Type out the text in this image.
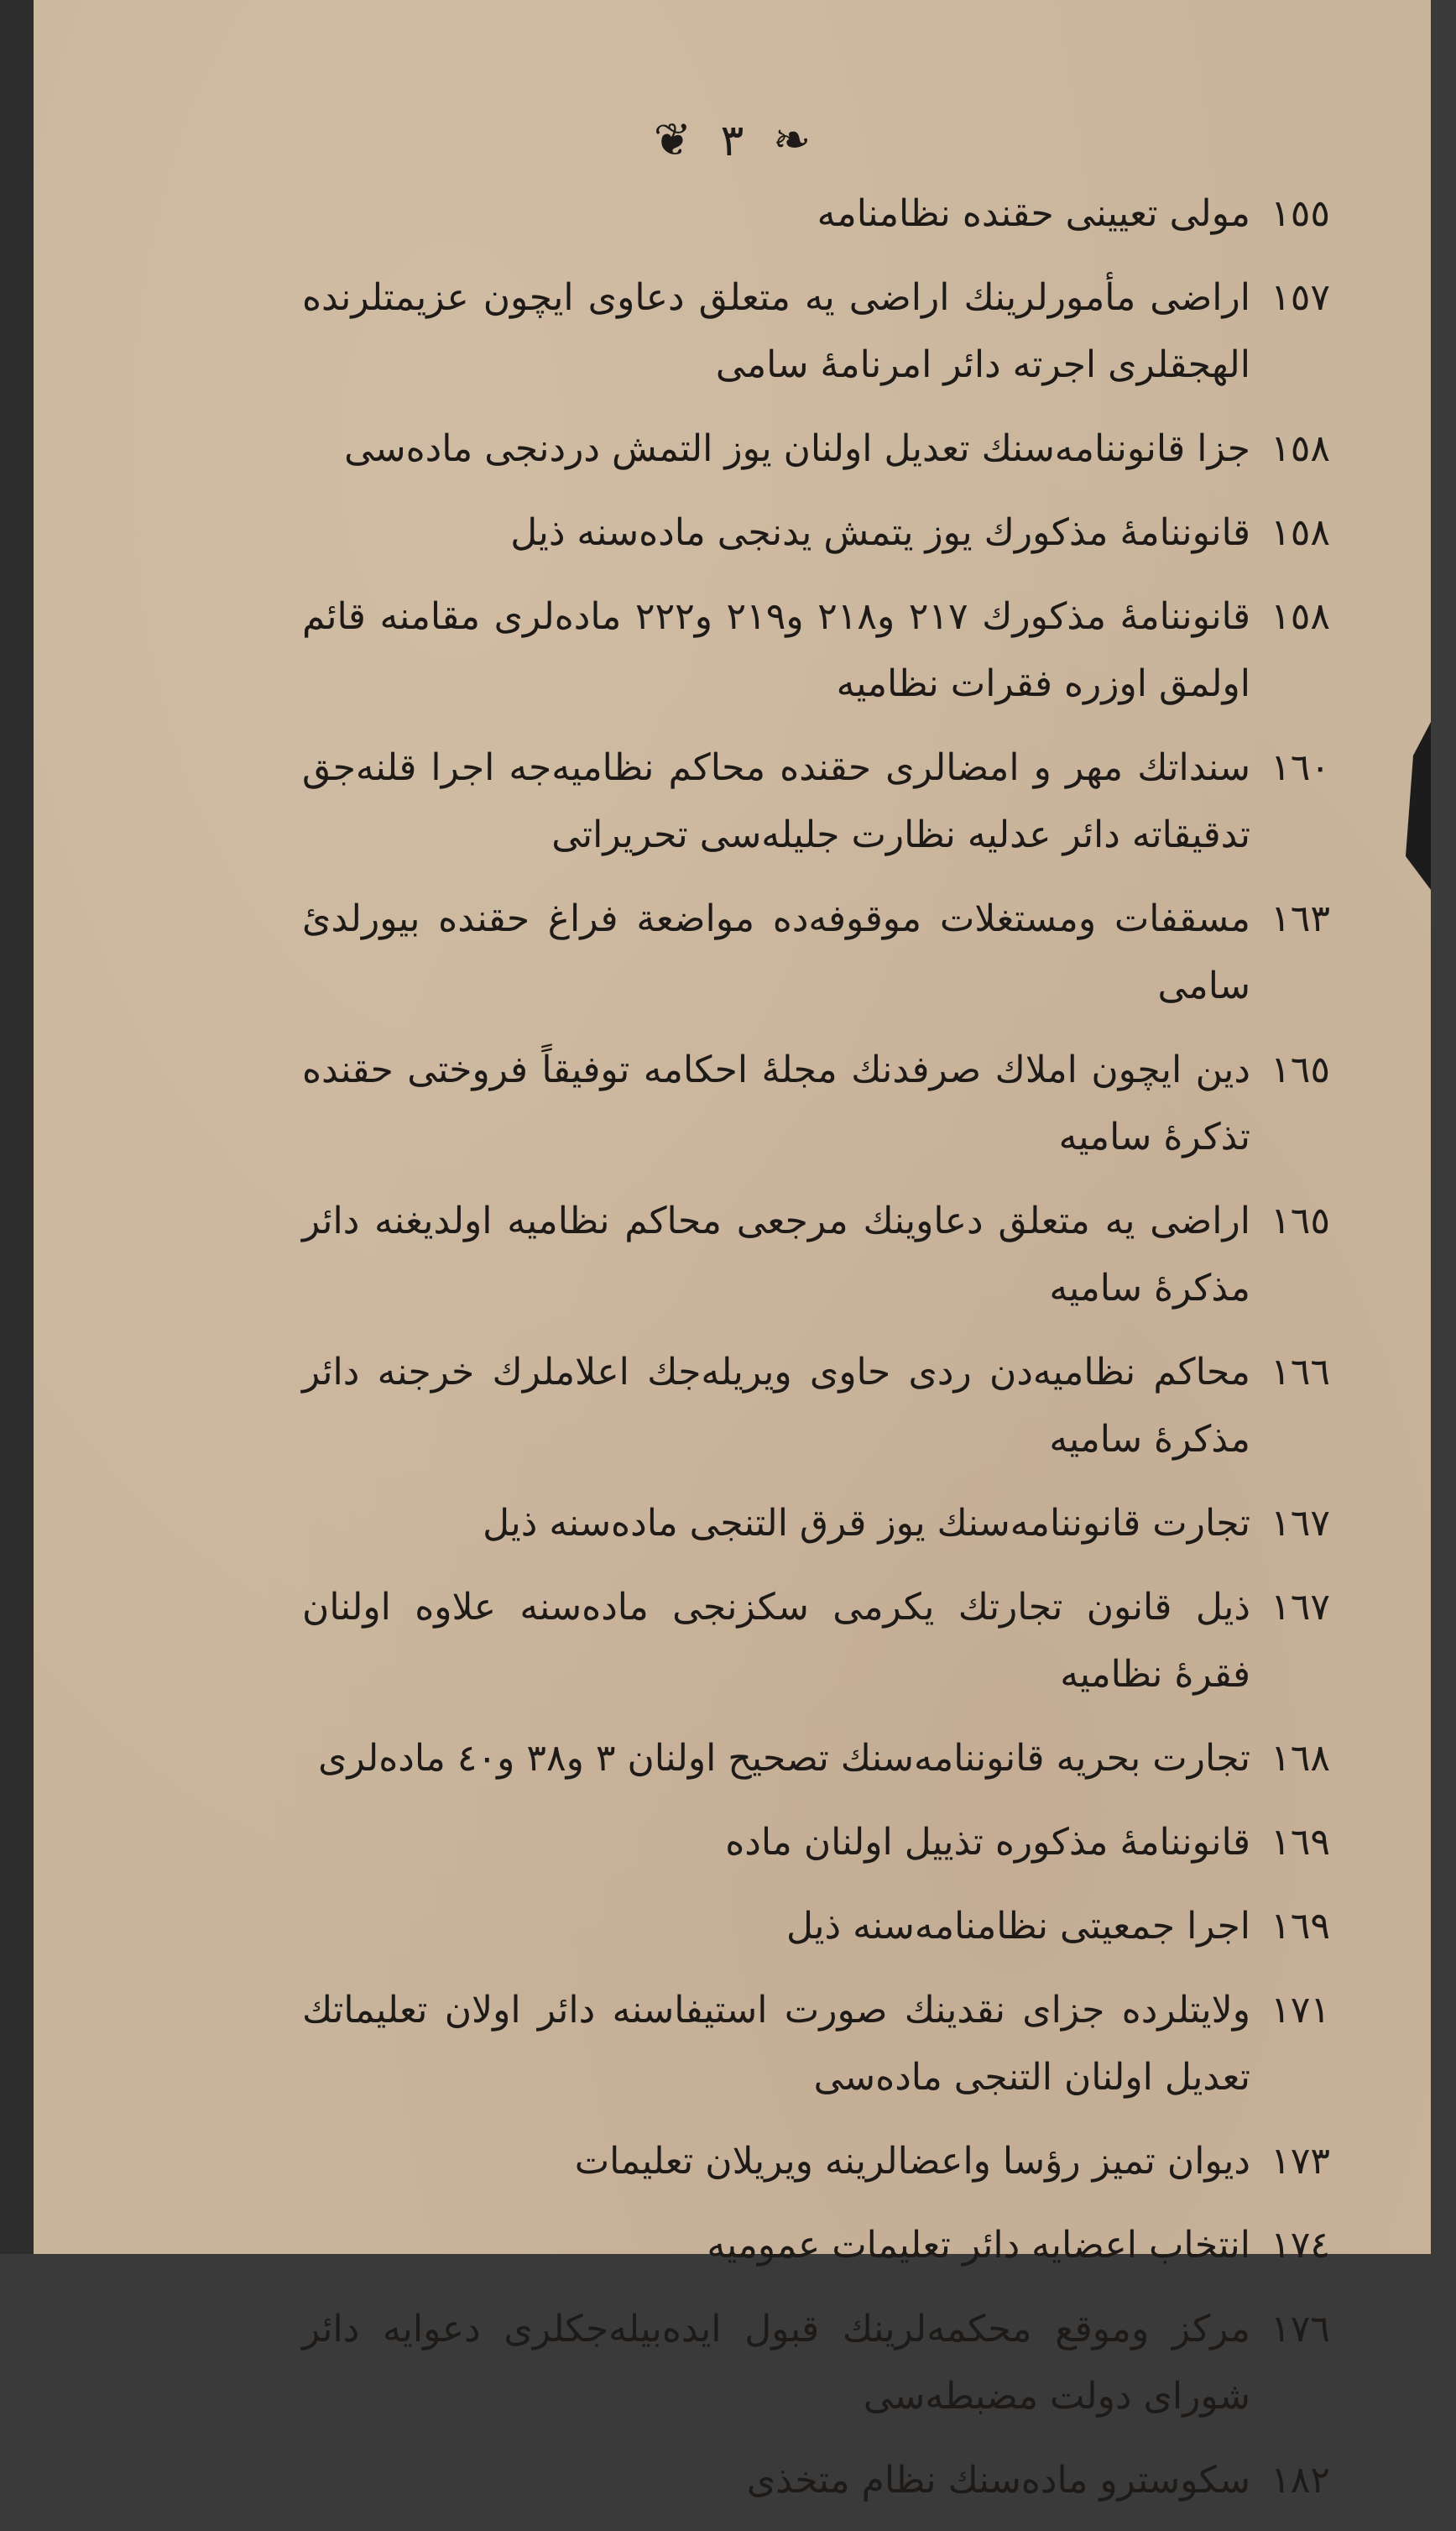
❦ ٣ ❧
١٥٥
مولی تعیینی حقنده نظامنامه
١٥٧
اراضی مأمورلرینك اراضی یه متعلق دعاوی ایچون عزیمتلرنده الهجقلری اجرته دائر امرنامهٔ سامی
١٥٨
جزا قانوننامه‌سنك تعدیل اولنان یوز التمش دردنجی ماده‌سی
١٥٨
قانوننامهٔ مذکورك یوز یتمش یدنجی ماده‌سنه ذیل
١٥٨
قانوننامهٔ مذکورك ٢١٧ و٢١٨ و٢١٩ و٢٢٢ ماده‌لری مقامنه قائم اولمق اوزره فقرات نظامیه
١٦٠
سنداتك مهر و امضالری حقنده محاکم نظامیه‌جه اجرا قلنه‌جق تدقیقاته دائر عدلیه نظارت جلیله‌سی تحریراتی
١٦٣
مسقفات ومستغلات موقوفه‌ده مواضعة فراغ حقنده بیورلدیٔ سامی
١٦٥
دین ایچون املاك صرفدنك مجلهٔ احکامه توفیقاً فروختی حقنده تذکرهٔ سامیه
١٦٥
اراضی یه متعلق دعاوینك مرجعی محاکم نظامیه اولدیغنه دائر مذکرهٔ سامیه
١٦٦
محاکم نظامیه‌دن ردی حاوی ویریله‌جك اعلاملرك خرجنه دائر مذکرهٔ سامیه
١٦٧
تجارت قانوننامه‌سنك یوز قرق التنجی ماده‌سنه ذیل
١٦٧
ذیل قانون تجارتك یکرمی سکزنجی ماده‌سنه علاوه اولنان فقرهٔ نظامیه
١٦٨
تجارت بحریه قانوننامه‌سنك تصحیح اولنان ٣ و٣٨ و٤٠ ماده‌لری
١٦٩
قانوننامهٔ مذکوره تذییل اولنان ماده
١٦٩
اجرا جمعیتی نظامنامه‌سنه ذیل
١٧١
ولایتلرده جزای نقدینك صورت استیفاسنه دائر اولان تعلیماتك تعدیل اولنان التنجی ماده‌سی
١٧٣
دیوان تمیز رؤسا واعضالرینه ویریلان تعلیمات
١٧٤
انتخاب اعضایه دائر تعلیمات عمومیه
١٧٦
مرکز وموقع محکمه‌لرینك قبول ایده‌بیله‌جکلری دعوایه دائر شورای دولت مضبطه‌سی
١٨٢
سکوسترو ماده‌سنك نظام متخذی
